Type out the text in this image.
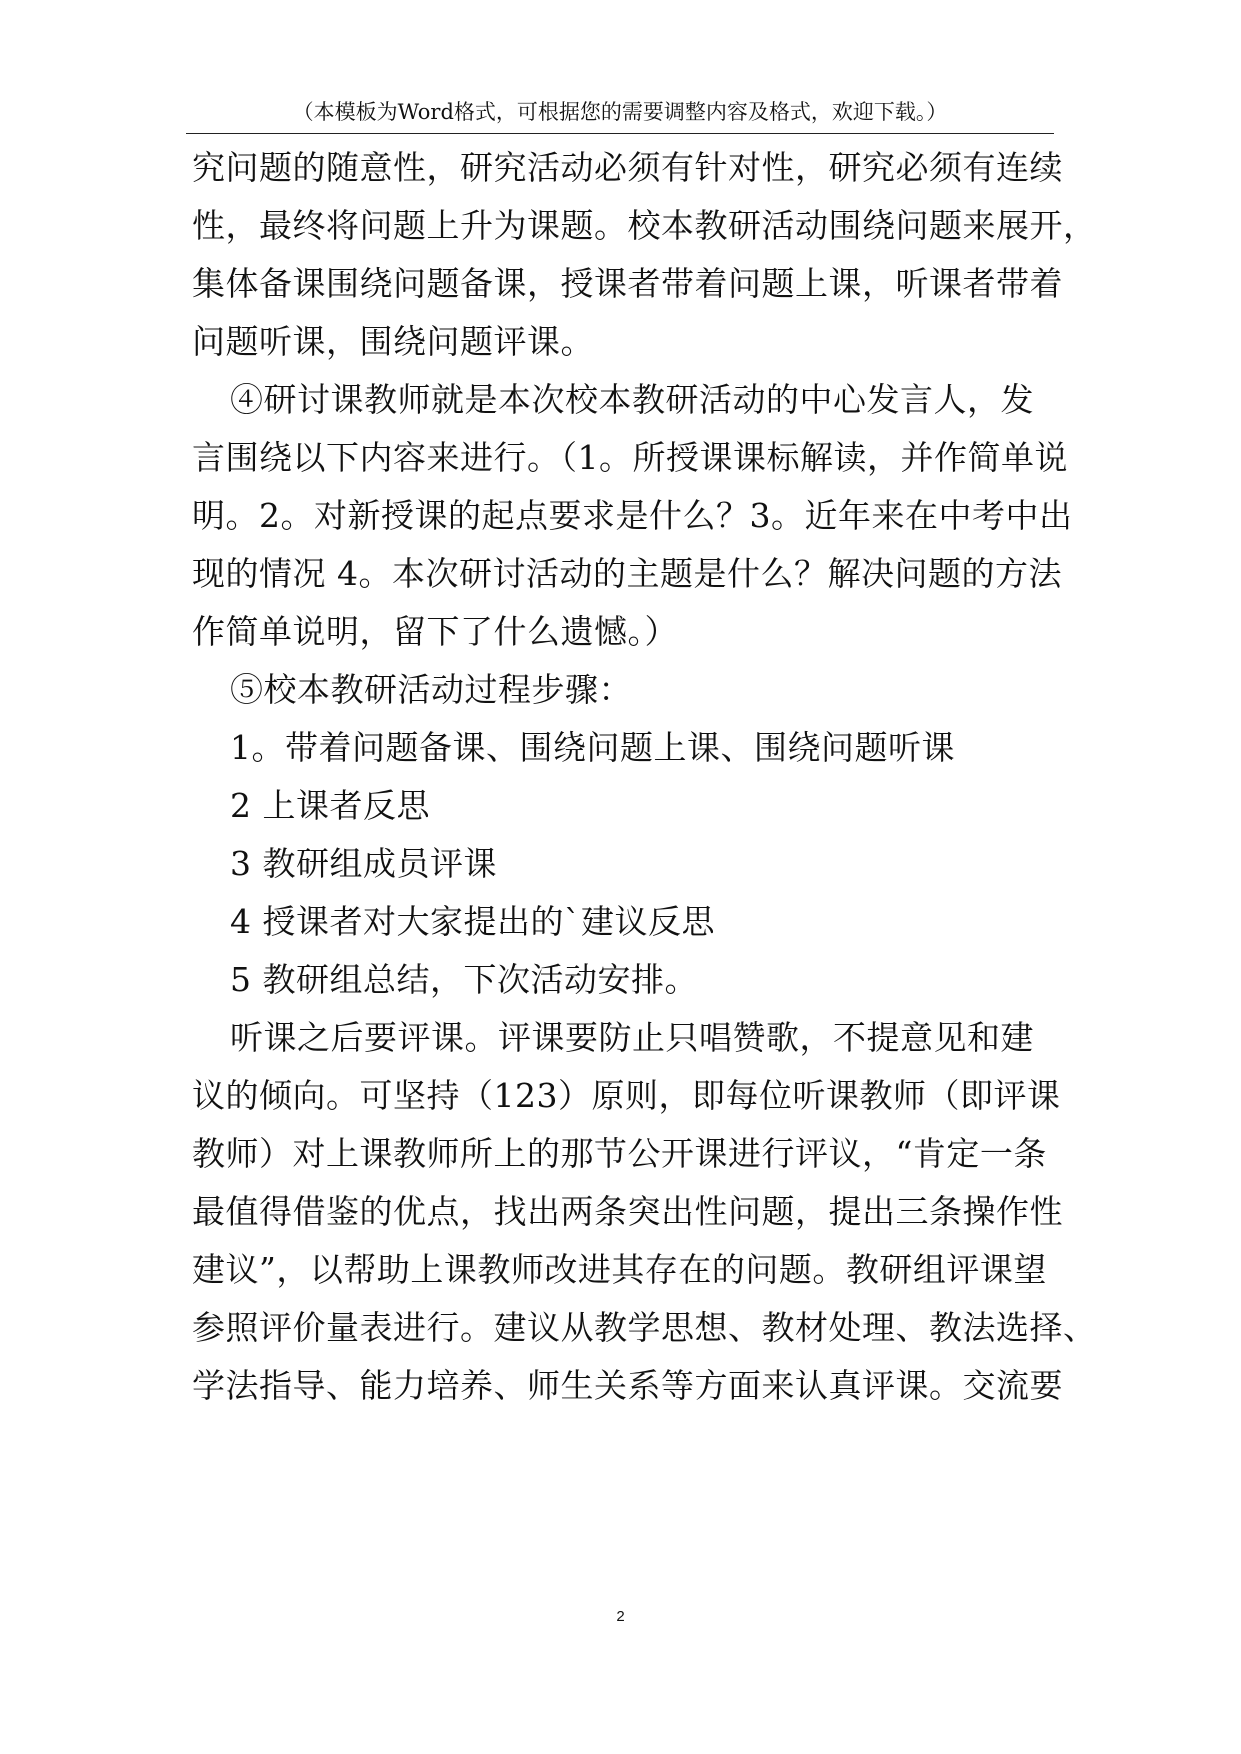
（本模板为Word格式，可根据您的需要调整内容及格式，欢迎下载。）
究问题的随意性，研究活动必须有针对性，研究必须有连续
性，最终将问题上升为课题。校本教研活动围绕问题来展开，
集体备课围绕问题备课，授课者带着问题上课，听课者带着
问题听课，围绕问题评课。
④研讨课教师就是本次校本教研活动的中心发言人，发
言围绕以下内容来进行。（1。所授课课标解读，并作简单说
明。2。对新授课的起点要求是什么？3。近年来在中考中出
现的情况 4。本次研讨活动的主题是什么？解决问题的方法
作简单说明，留下了什么遗憾。）
⑤校本教研活动过程步骤：
1。带着问题备课、围绕问题上课、围绕问题听课
2 上课者反思
3 教研组成员评课
4 授课者对大家提出的`建议反思
5 教研组总结，下次活动安排。
听课之后要评课。评课要防止只唱赞歌，不提意见和建
议的倾向。可坚持（123）原则，即每位听课教师（即评课
教师）对上课教师所上的那节公开课进行评议，“肯定一条
最值得借鉴的优点，找出两条突出性问题，提出三条操作性
建议”，以帮助上课教师改进其存在的问题。教研组评课望
参照评价量表进行。建议从教学思想、教材处理、教法选择、
学法指导、能力培养、师生关系等方面来认真评课。交流要
2
